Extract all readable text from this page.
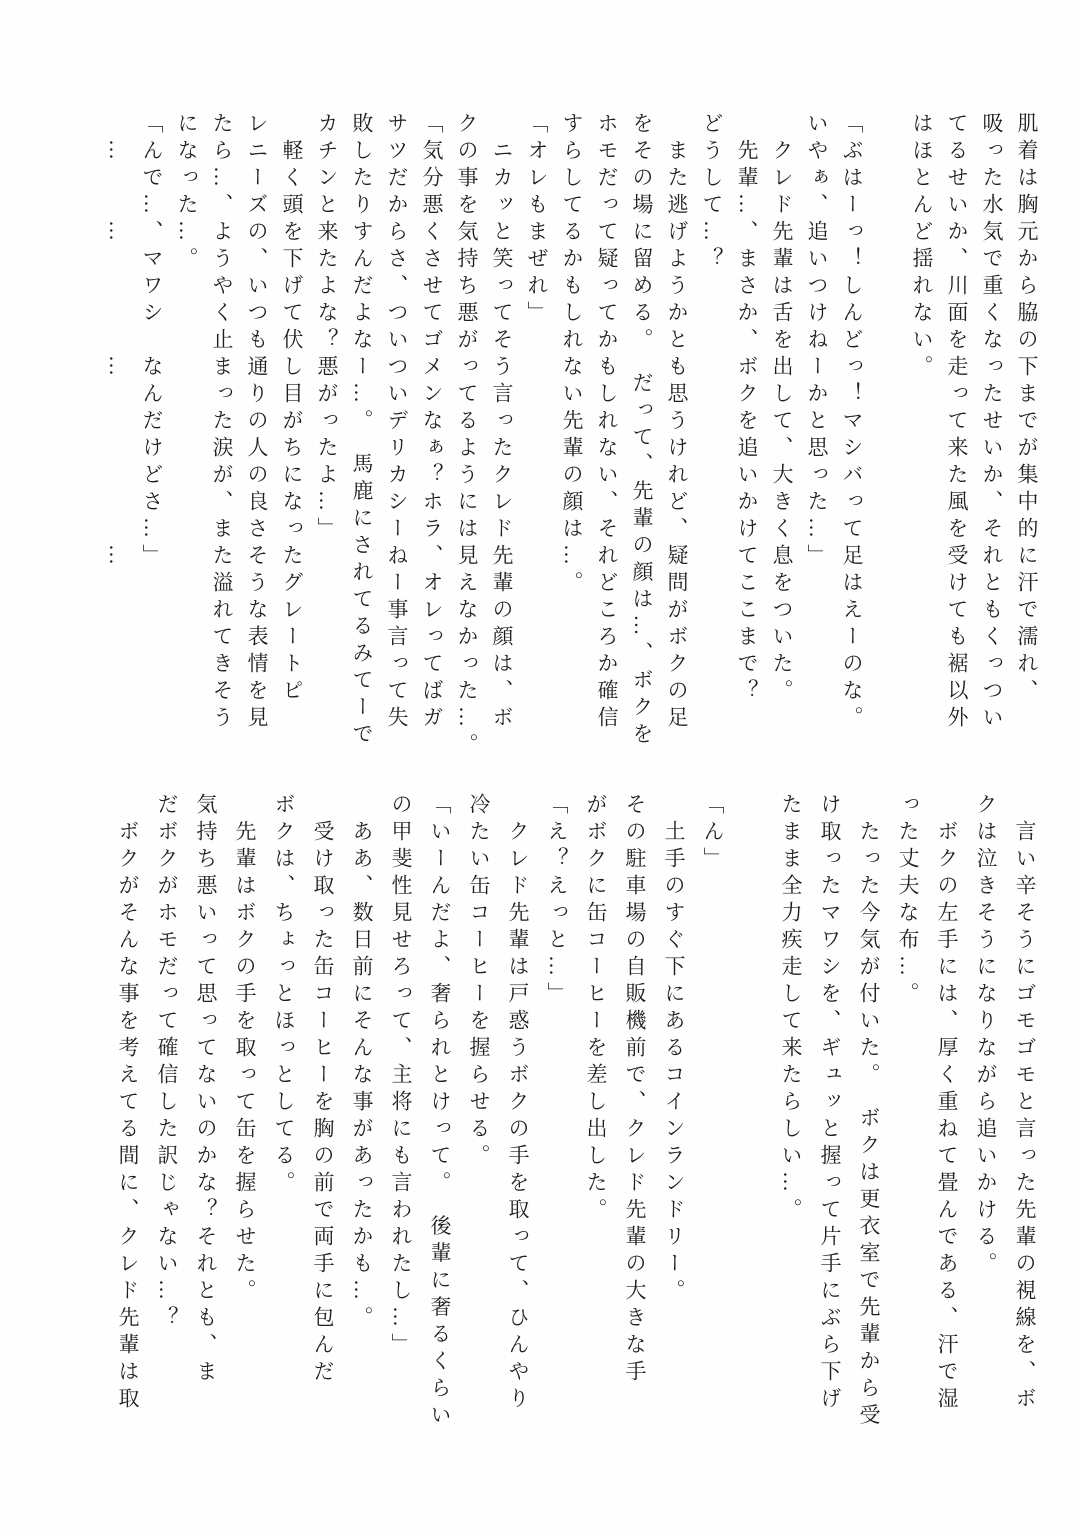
肌着は胸元から脇の下までが集中的に汗で濡れ、
吸った水気で重くなったせいか、それともくっつい
てるせいか、川面を走って来た風を受けても裾以外
はほとんど揺れない。

「ぶはーっ！しんどっ！マシバって足はえーのな。
いやぁ、追いつけねーかと思った…」
　クレド先輩は舌を出して、大きく息をついた。
　先輩…、まさか、ボクを追いかけてここまで？
どうして…？
　また逃げようかとも思うけれど、疑問がボクの足
をその場に留める。　だって、先輩の顔は…、ボクを
ホモだって疑ってかもしれない、それどころか確信
すらしてるかもしれない先輩の顔は…。
「オレもまぜれ」
　ニカッと笑ってそう言ったクレド先輩の顔は、ボ
クの事を気持ち悪がってるようには見えなかった…。
「気分悪くさせてゴメンなぁ？ホラ、オレってばガ
サツだからさ、ついついデリカシーねー事言って失
敗したりすんだよなー…。　馬鹿にされてるみてーで
カチンと来たよな？悪がったよ…」
　軽く頭を下げて伏し目がちになったグレートピ
レニーズの、いつも通りの人の良さそうな表情を見
たら…、ようやく止まった涙が、また溢れてきそう
になった…。
「んで…、マワシ　なんだけどさ…」
　…　　…　　　　…　　　　　　…
　言い辛そうにゴモゴモと言った先輩の視線を、ボ
クは泣きそうになりながら追いかける。
　ボクの左手には、厚く重ねて畳んである、汗で湿
った丈夫な布…。
　たった今気が付いた。　ボクは更衣室で先輩から受
け取ったマワシを、ギュッと握って片手にぶら下げ
たまま全力疾走して来たらしい…。

「ん」
　土手のすぐ下にあるコインランドリー。
その駐車場の自販機前で、クレド先輩の大きな手
がボクに缶コーヒーを差し出した。
「え？えっと…」
　クレド先輩は戸惑うボクの手を取って、ひんやり
冷たい缶コーヒーを握らせる。
「いーんだよ、奢られとけって。　後輩に奢るくらい
の甲斐性見せろって、主将にも言われたし…」
　ああ、数日前にそんな事があったかも…。
　受け取った缶コーヒーを胸の前で両手に包んだ
ボクは、ちょっとほっとしてる。
　先輩はボクの手を取って缶を握らせた。
気持ち悪いって思ってないのかな？それとも、ま
だボクがホモだって確信した訳じゃない…？
　ボクがそんな事を考えてる間に、クレド先輩は取
